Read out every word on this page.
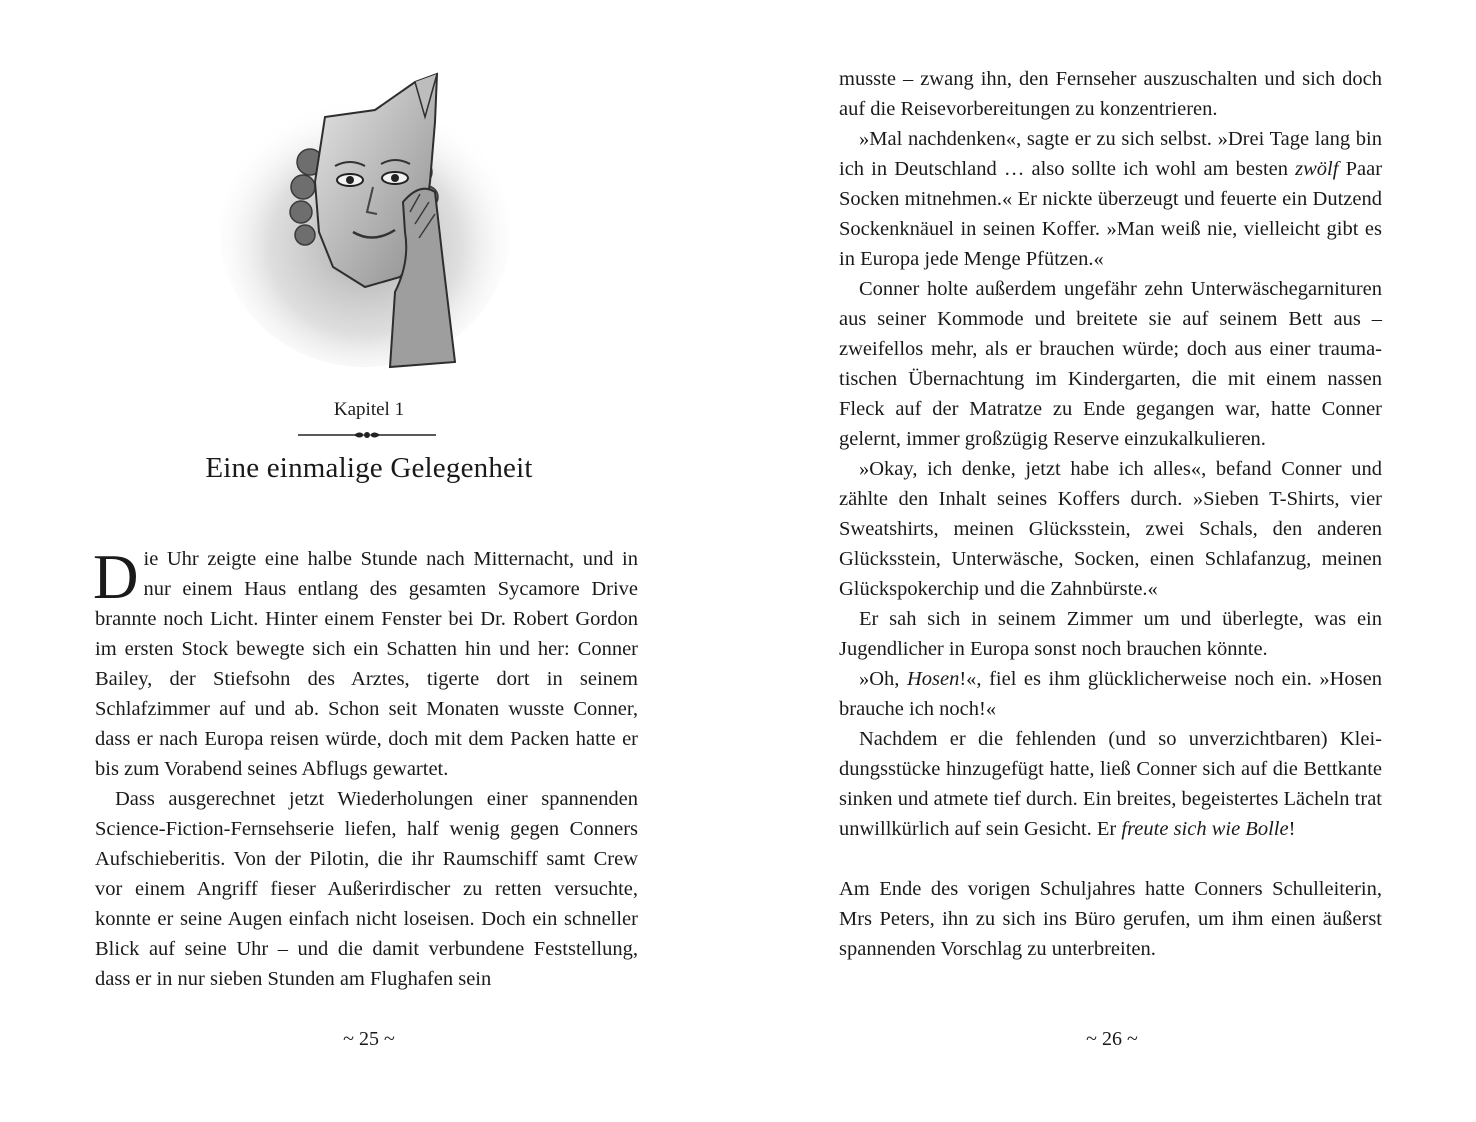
Kapitel 1
Eine einmalige Gelegenheit

Die Uhr zeigte eine halbe Stunde nach Mitternacht, und in nur einem Haus entlang des gesamten Sycamore Drive brannte noch Licht. Hinter einem Fenster bei Dr. Robert Gordon im ersten Stock bewegte sich ein Schatten hin und her: Conner Bailey, der Stiefsohn des Arztes, tigerte dort in seinem Schlafzimmer auf und ab. Schon seit Monaten wusste Conner, dass er nach Europa reisen würde, doch mit dem Packen hatte er bis zum Vorabend seines Abflugs gewartet.

Dass ausgerechnet jetzt Wiederholungen einer spannenden Science-Fiction-Fernsehserie liefen, half wenig gegen Conners Aufschieberitis. Von der Pilotin, die ihr Raumschiff samt Crew vor einem Angriff fieser Außerirdischer zu retten versuchte, konnte er seine Augen einfach nicht loseisen. Doch ein schneller Blick auf seine Uhr – und die damit verbundene Feststellung, dass er in nur sieben Stunden am Flughafen sein

~ 25 ~

musste – zwang ihn, den Fernseher auszuschalten und sich doch auf die Reisevorbereitungen zu konzentrieren.

»Mal nachdenken«, sagte er zu sich selbst. »Drei Tage lang bin ich in Deutschland … also sollte ich wohl am besten zwölf Paar Socken mitnehmen.« Er nickte überzeugt und feuerte ein Dutzend Sockenknäuel in seinen Koffer. »Man weiß nie, vielleicht gibt es in Europa jede Menge Pfützen.«

Conner holte außerdem ungefähr zehn Unterwäschegarnituren aus seiner Kommode und breitete sie auf seinem Bett aus – zweifellos mehr, als er brauchen würde; doch aus einer traumatischen Übernachtung im Kindergarten, die mit einem nassen Fleck auf der Matratze zu Ende gegangen war, hatte Conner gelernt, immer großzügig Reserve einzukalkulieren.

»Okay, ich denke, jetzt habe ich alles«, befand Conner und zählte den Inhalt seines Koffers durch. »Sieben T-Shirts, vier Sweatshirts, meinen Glücksstein, zwei Schals, den anderen Glücksstein, Unterwäsche, Socken, einen Schlafanzug, meinen Glückspokerchip und die Zahnbürste.«

Er sah sich in seinem Zimmer um und überlegte, was ein Jugendlicher in Europa sonst noch brauchen könnte.

»Oh, Hosen!«, fiel es ihm glücklicherweise noch ein. »Hosen brauche ich noch!«

Nachdem er die fehlenden (und so unverzichtbaren) Kleidungsstücke hinzugefügt hatte, ließ Conner sich auf die Bettkante sinken und atmete tief durch. Ein breites, begeistertes Lächeln trat unwillkürlich auf sein Gesicht. Er freute sich wie Bolle!

Am Ende des vorigen Schuljahres hatte Conners Schulleiterin, Mrs Peters, ihn zu sich ins Büro gerufen, um ihm einen äußerst spannenden Vorschlag zu unterbreiten.

~ 26 ~
